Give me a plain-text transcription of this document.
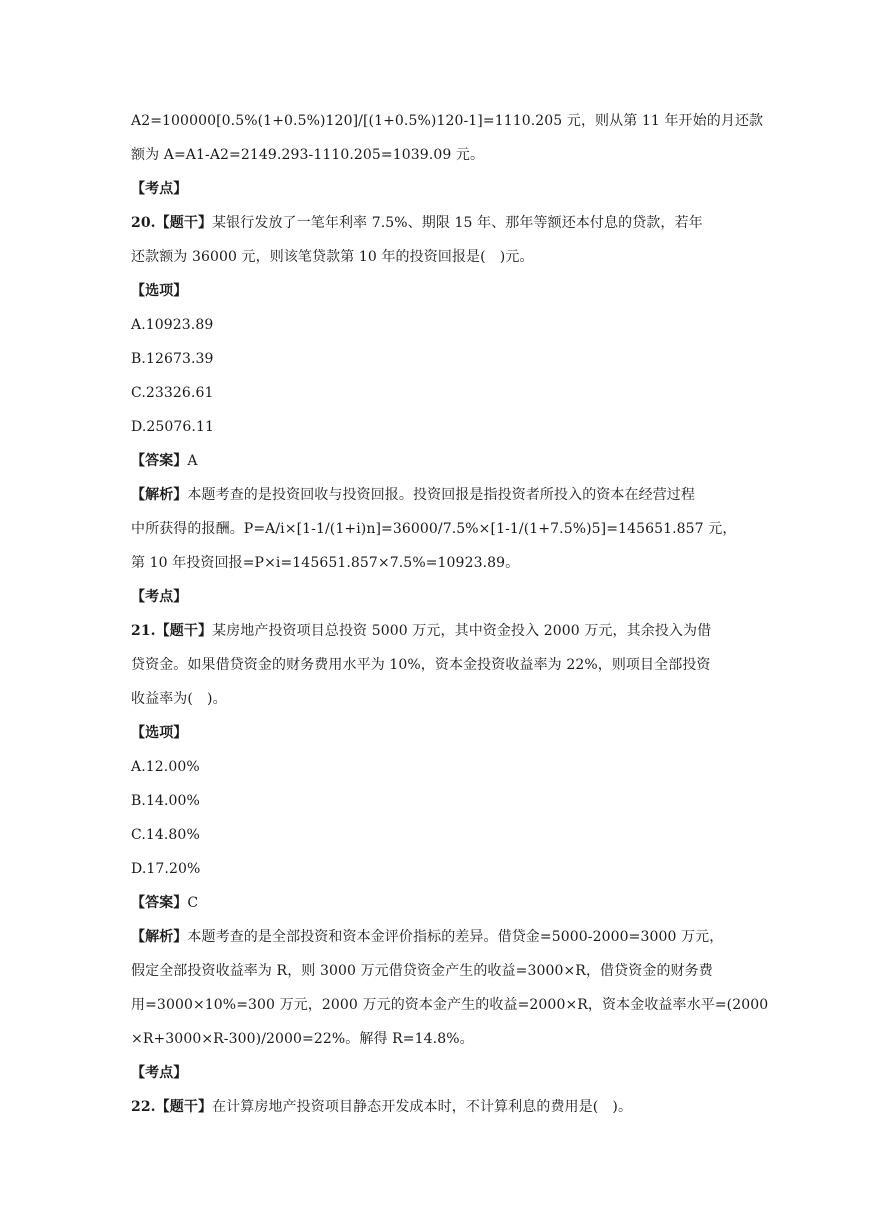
A2=100000[0.5%(1+0.5%)120]/[(1+0.5%)120-1]=1110.205 元，则从第 11 年开始的月还款

额为 A=A1-A2=2149.293-1110.205=1039.09 元。

【考点】

20.【题干】某银行发放了一笔年利率 7.5%、期限 15 年、那年等额还本付息的贷款，若年

还款额为 36000 元，则该笔贷款第 10 年的投资回报是(　)元。

【选项】

A.10923.89

B.12673.39

C.23326.61

D.25076.11

【答案】A

【解析】本题考查的是投资回收与投资回报。投资回报是指投资者所投入的资本在经营过程

中所获得的报酬。P=A/i×[1-1/(1+i)n]=36000/7.5%×[1-1/(1+7.5%)5]=145651.857 元，

第 10 年投资回报=P×i=145651.857×7.5%=10923.89。

【考点】

21.【题干】某房地产投资项目总投资 5000 万元，其中资金投入 2000 万元，其余投入为借

贷资金。如果借贷资金的财务费用水平为 10%，资本金投资收益率为 22%，则项目全部投资

收益率为(　)。

【选项】

A.12.00%

B.14.00%

C.14.80%

D.17.20%

【答案】C

【解析】本题考查的是全部投资和资本金评价指标的差异。借贷金=5000-2000=3000 万元，

假定全部投资收益率为 R，则 3000 万元借贷资金产生的收益=3000×R，借贷资金的财务费

用=3000×10%=300 万元，2000 万元的资本金产生的收益=2000×R，资本金收益率水平=(2000

×R+3000×R-300)/2000=22%。解得 R=14.8%。

【考点】

22.【题干】在计算房地产投资项目静态开发成本时，不计算利息的费用是(　)。
